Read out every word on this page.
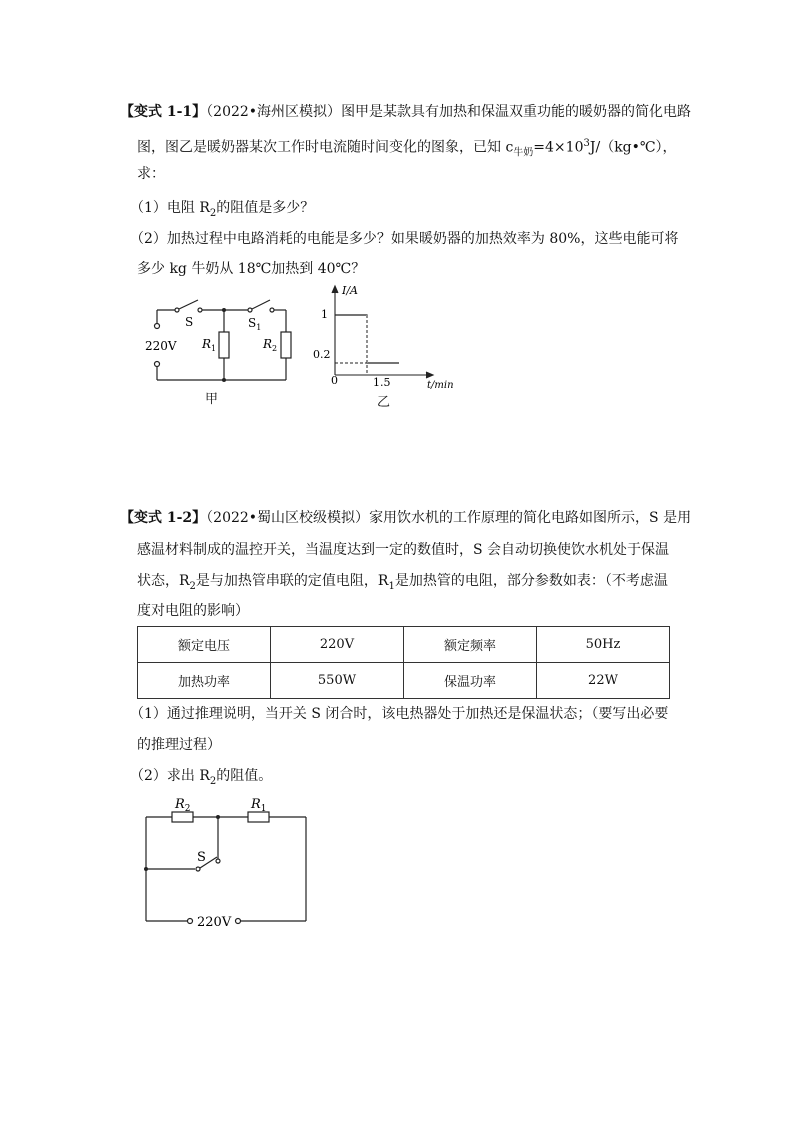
【变式 1-1】（2022•海州区模拟）图甲是某款具有加热和保温双重功能的暖奶器的简化电路
图，图乙是暖奶器某次工作时电流随时间变化的图象，已知 $c_{牛奶}=4\times 10^3J/(kg•℃)$，
求：
（1）电阻 $R_2$的阻值是多少？
（2）加热过程中电路消耗的电能是多少？如果暖奶器的加热效率为 80%，这些电能可将
多少 kg 牛奶从 18℃加热到 40℃？
S	$S_1$
220V $R_1$	$R_2$
甲
I/A
t/min
1
0.2
0	1.5
乙
【变式 1-2】（2022•蜀山区校级模拟）家用饮水机的工作原理的简化电路如图所示，S 是用
感温材料制成的温控开关，当温度达到一定的数值时，S 会自动切换使饮水机处于保温
状态，$R_2$是与加热管串联的定值电阻，$R_1$是加热管的电阻，部分参数如表：（不考虑温
度对电阻的影响）
额定电压	220V	额定频率	50Hz
加热功率	550W	保温功率	22W
（1）通过推理说明，当开关 S 闭合时，该电热器处于加热还是保温状态；（要写出必要
的推理过程）
（2）求出 $R_2$的阻值。
$R_2$	$R_1$
S
220V
